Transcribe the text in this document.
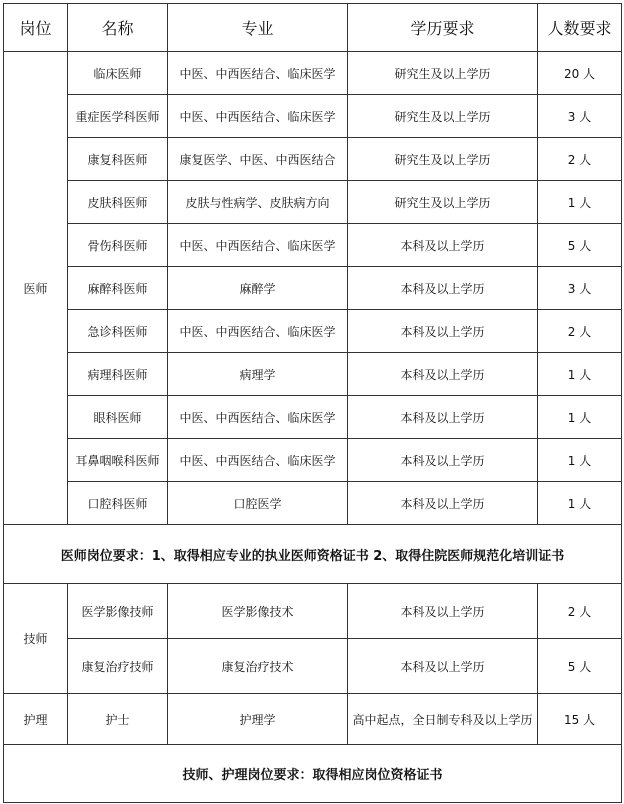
岗位	名称	专业	学历要求	人数要求
医师	临床医师	中医、中西医结合、临床医学	研究生及以上学历	20 人
	重症医学科医师	中医、中西医结合、临床医学	研究生及以上学历	3 人
	康复科医师	康复医学、中医、中西医结合	研究生及以上学历	2 人
	皮肤科医师	皮肤与性病学、皮肤病方向	研究生及以上学历	1 人
	骨伤科医师	中医、中西医结合、临床医学	本科及以上学历	5 人
	麻醉科医师	麻醉学	本科及以上学历	3 人
	急诊科医师	中医、中西医结合、临床医学	本科及以上学历	2 人
	病理科医师	病理学	本科及以上学历	1 人
	眼科医师	中医、中西医结合、临床医学	本科及以上学历	1 人
	耳鼻咽喉科医师	中医、中西医结合、临床医学	本科及以上学历	1 人
	口腔科医师	口腔医学	本科及以上学历	1 人
医师岗位要求：1、取得相应专业的执业医师资格证书 2、取得住院医师规范化培训证书				
技师	医学影像技师	医学影像技术	本科及以上学历	2 人
	康复治疗技师	康复治疗技术	本科及以上学历	5 人
护理	护士	护理学	高中起点，全日制专科及以上学历	15 人
技师、护理岗位要求：取得相应岗位资格证书				
